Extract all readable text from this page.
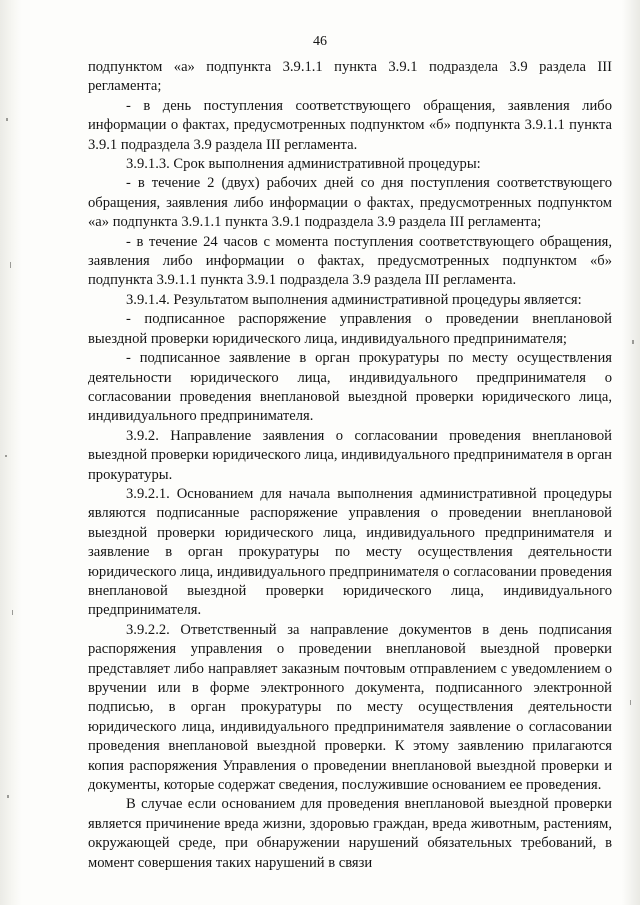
46

подпунктом «а» подпункта 3.9.1.1 пункта 3.9.1 подраздела 3.9 раздела III регламента;

- в день поступления соответствующего обращения, заявления либо информации о фактах, предусмотренных подпунктом «б» подпункта 3.9.1.1 пункта 3.9.1 подраздела 3.9 раздела III регламента.

3.9.1.3. Срок выполнения административной процедуры:

- в течение 2 (двух) рабочих дней со дня поступления соответствующего обращения, заявления либо информации о фактах, предусмотренных подпунктом «а» подпункта 3.9.1.1 пункта 3.9.1 подраздела 3.9 раздела III регламента;

- в течение 24 часов с момента поступления соответствующего обращения, заявления либо информации о фактах, предусмотренных подпунктом «б» подпункта 3.9.1.1 пункта 3.9.1 подраздела 3.9 раздела III регламента.

3.9.1.4. Результатом выполнения административной процедуры является:

- подписанное распоряжение управления о проведении внеплановой выездной проверки юридического лица, индивидуального предпринимателя;

- подписанное заявление в орган прокуратуры по месту осуществления деятельности юридического лица, индивидуального предпринимателя о согласовании проведения внеплановой выездной проверки юридического лица, индивидуального предпринимателя.

3.9.2. Направление заявления о согласовании проведения внеплановой выездной проверки юридического лица, индивидуального предпринимателя в орган прокуратуры.

3.9.2.1. Основанием для начала выполнения административной процедуры являются подписанные распоряжение управления о проведении внеплановой выездной проверки юридического лица, индивидуального предпринимателя и заявление в орган прокуратуры по месту осуществления деятельности юридического лица, индивидуального предпринимателя о согласовании проведения внеплановой выездной проверки юридического лица, индивидуального предпринимателя.

3.9.2.2. Ответственный за направление документов в день подписания распоряжения управления о проведении внеплановой выездной проверки представляет либо направляет заказным почтовым отправлением с уведомлением о вручении или в форме электронного документа, подписанного электронной подписью, в орган прокуратуры по месту осуществления деятельности юридического лица, индивидуального предпринимателя заявление о согласовании проведения внеплановой выездной проверки. К этому заявлению прилагаются копия распоряжения Управления о проведении внеплановой выездной проверки и документы, которые содержат сведения, послужившие основанием ее проведения.

В случае если основанием для проведения внеплановой выездной проверки является причинение вреда жизни, здоровью граждан, вреда животным, растениям, окружающей среде, при обнаружении нарушений обязательных требований, в момент совершения таких нарушений в связи
